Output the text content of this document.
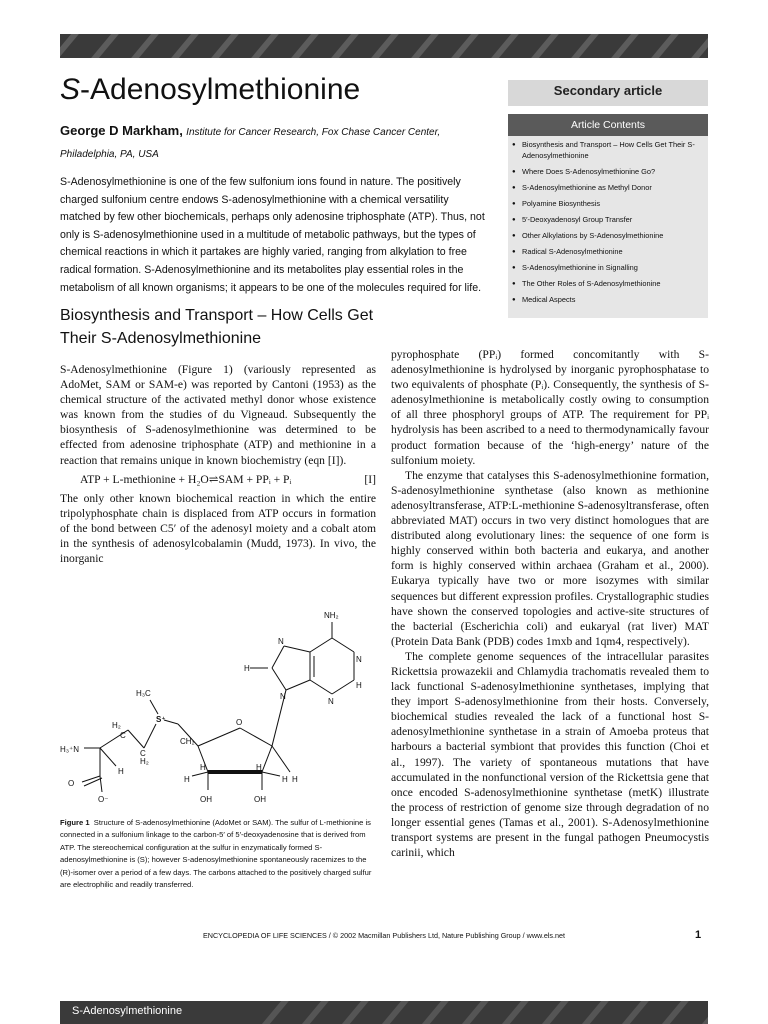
S-Adenosylmethionine
George D Markham, Institute for Cancer Research, Fox Chase Cancer Center, Philadelphia, PA, USA
S-Adenosylmethionine is one of the few sulfonium ions found in nature. The positively charged sulfonium centre endows S-adenosylmethionine with a chemical versatility matched by few other biochemicals, perhaps only adenosine triphosphate (ATP). Thus, not only is S-adenosylmethionine used in a multitude of metabolic pathways, but the types of chemical reactions in which it partakes are highly varied, ranging from alkylation to free radical formation. S-Adenosylmethionine and its metabolites play essential roles in the metabolism of all known organisms; it appears to be one of the molecules required for life.
Secondary article
Article Contents
● Biosynthesis and Transport – How Cells Get Their S-Adenosylmethionine
● Where Does S-Adenosylmethionine Go?
● S-Adenosylmethionine as Methyl Donor
● Polyamine Biosynthesis
● 5′-Deoxyadenosyl Group Transfer
● Other Alkylations by S-Adenosylmethionine
● Radical S-Adenosylmethionine
● S-Adenosylmethionine in Signalling
● The Other Roles of S-Adenosylmethionine
● Medical Aspects
Biosynthesis and Transport – How Cells Get Their S-Adenosylmethionine

S-Adenosylmethionine (Figure 1) (variously represented as AdoMet, SAM or SAM-e) was reported by Cantoni (1953) as the chemical structure of the activated methyl donor whose existence was known from the studies of du Vigneaud. Subsequently the biosynthesis of S-adenosylmethionine was determined to be effected from adenosine triphosphate (ATP) and methionine in a reaction that remains unique in known biochemistry (eqn [I]).

ATP + L-methionine + H₂O⇌SAM + PPᵢ + Pᵢ	[I]

The only other known biochemical reaction in which the entire tripolyphosphate chain is displaced from ATP occurs in formation of the bond between C5′ of the adenosyl moiety and a cobalt atom in the synthesis of adenosylcobalamin (Mudd, 1973). In vivo, the inorganic

NH₂
N
N
H
N
H
N
O
H	H
H	H H
OH	OH
CH₂
H₃C
S⁺
H₂
C
C
H₂
H₃⁺N
H
O
O⁻
Figure 1 Structure of S-adenosylmethionine (AdoMet or SAM). The sulfur of L-methionine is connected in a sulfonium linkage to the carbon-5′ of 5′-deoxyadenosine that is derived from ATP. The stereochemical configuration at the sulfur in enzymatically formed S-adenosylmethionine is (S); however S-adenosylmethionine spontaneously racemizes to the (R)-isomer over a period of a few days. The carbons attached to the positively charged sulfur are electrophilic and readily transferred.

pyrophosphate (PPᵢ) formed concomitantly with S-adenosylmethionine is hydrolysed by inorganic pyrophosphatase to two equivalents of phosphate (Pᵢ). Consequently, the synthesis of S-adenosylmethionine is metabolically costly owing to consumption of all three phosphoryl groups of ATP. The requirement for PPᵢ hydrolysis has been ascribed to a need to thermodynamically favour product formation because of the ‘high-energy’ nature of the sulfonium moiety.

The enzyme that catalyses this S-adenosylmethionine formation, S-adenosylmethionine synthetase (also known as methionine adenosyltransferase, ATP:L-methionine S-adenosyltransferase, often abbreviated MAT) occurs in two very distinct homologues that are distributed along evolutionary lines: the sequence of one form is highly conserved within both bacteria and eukarya, and another form is highly conserved within archaea (Graham et al., 2000). Eukarya typically have two or more isozymes with similar sequences but different expression profiles. Crystallographic studies have shown the conserved topologies and active-site structures of the bacterial (Escherichia coli) and eukaryal (rat liver) MAT (Protein Data Bank (PDB) codes 1mxb and 1qm4, respectively).

The complete genome sequences of the intracellular parasites Rickettsia prowazekii and Chlamydia trachomatis revealed them to lack functional S-adenosylmethionine synthetases, implying that they import S-adenosylmethionine from their hosts. Conversely, biochemical studies revealed the lack of a functional host S-adenosylmethionine synthetase in a strain of Amoeba proteus that harbours a bacterial symbiont that provides this function (Choi et al., 1997). The variety of spontaneous mutations that have accumulated in the nonfunctional version of the Rickettsia gene that once encoded S-adenosylmethionine synthetase (metK) illustrate the process of restriction of genome size through degradation of no longer essential genes (Tamas et al., 2001). S-Adenosylmethionine transport systems are present in the fungal pathogen Pneumocystis carinii, which

ENCYCLOPEDIA OF LIFE SCIENCES / © 2002 Macmillan Publishers Ltd, Nature Publishing Group / www.els.net	1
S-Adenosylmethionine
